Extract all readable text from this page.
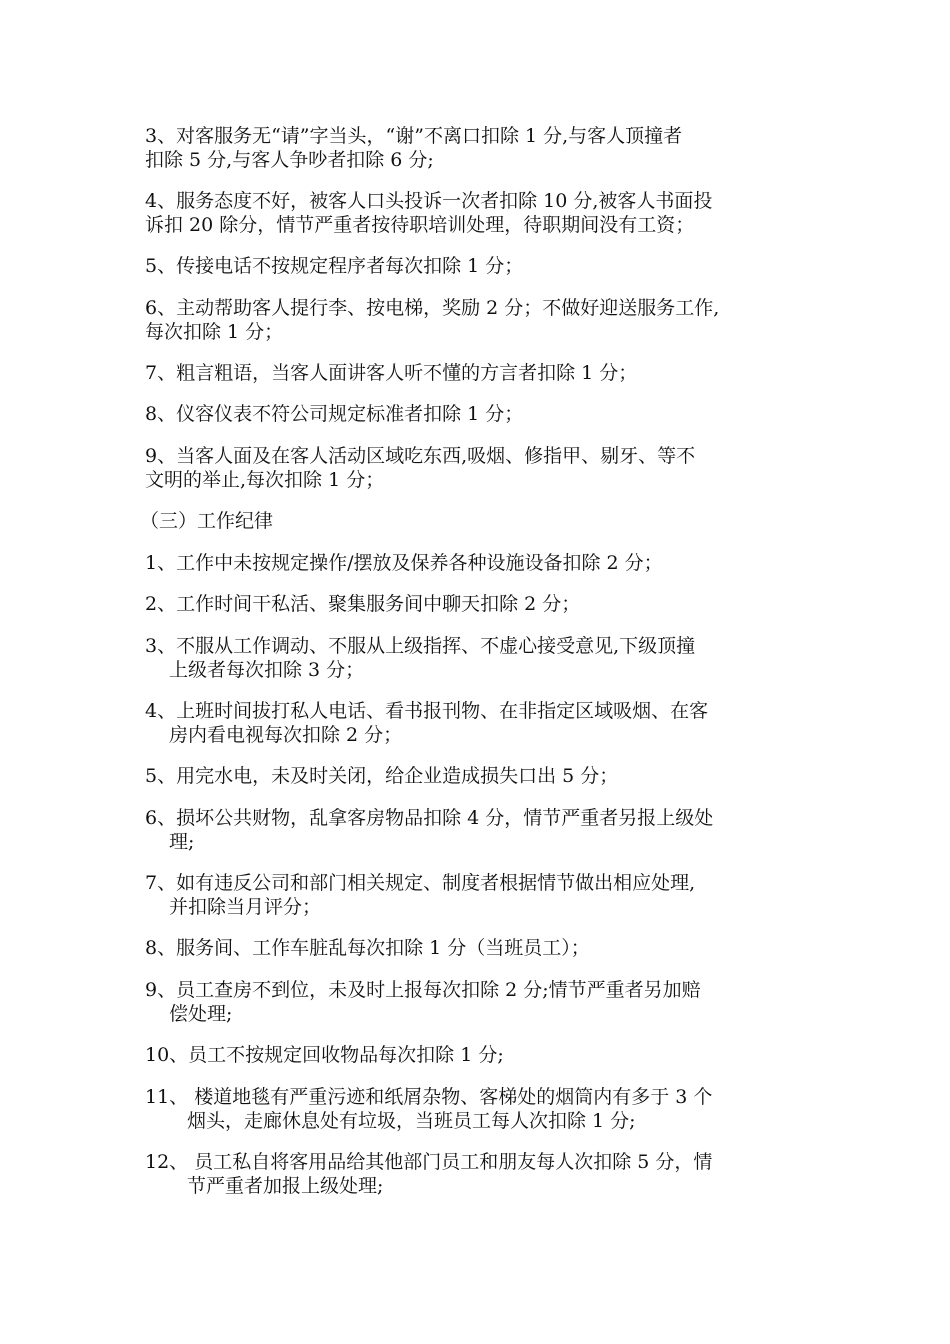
3、对客服务无“请”字当头，“谢”不离口扣除 1 分,与客人顶撞者
扣除 5 分,与客人争吵者扣除 6 分;

4、服务态度不好，被客人口头投诉一次者扣除 10 分,被客人书面投
诉扣 20 除分，情节严重者按待职培训处理，待职期间没有工资；

5、传接电话不按规定程序者每次扣除 1 分；

6、主动帮助客人提行李、按电梯，奖励 2 分；不做好迎送服务工作,
每次扣除 1 分；

7、粗言粗语，当客人面讲客人听不懂的方言者扣除 1 分；

8、仪容仪表不符公司规定标准者扣除 1 分；

9、当客人面及在客人活动区域吃东西,吸烟、修指甲、剔牙、等不
文明的举止,每次扣除 1 分；

（三）工作纪律

1、工作中未按规定操作/摆放及保养各种设施设备扣除 2 分；

2、工作时间干私活、聚集服务间中聊天扣除 2 分；

3、不服从工作调动、不服从上级指挥、不虚心接受意见,下级顶撞
上级者每次扣除 3 分；

4、上班时间拔打私人电话、看书报刊物、在非指定区域吸烟、在客
房内看电视每次扣除 2 分；

5、用完水电，未及时关闭，给企业造成损失口出 5 分；

6、损坏公共财物，乱拿客房物品扣除 4 分，情节严重者另报上级处
理;

7、如有违反公司和部门相关规定、制度者根据情节做出相应处理,
并扣除当月评分；

8、服务间、工作车脏乱每次扣除 1 分（当班员工）；

9、员工查房不到位，未及时上报每次扣除 2 分;情节严重者另加赔
偿处理;

10、员工不按规定回收物品每次扣除 1 分;

11、 楼道地毯有严重污迹和纸屑杂物、客梯处的烟筒内有多于 3 个
烟头，走廊休息处有垃圾，当班员工每人次扣除 1 分;

12、 员工私自将客用品给其他部门员工和朋友每人次扣除 5 分，情
节严重者加报上级处理;
